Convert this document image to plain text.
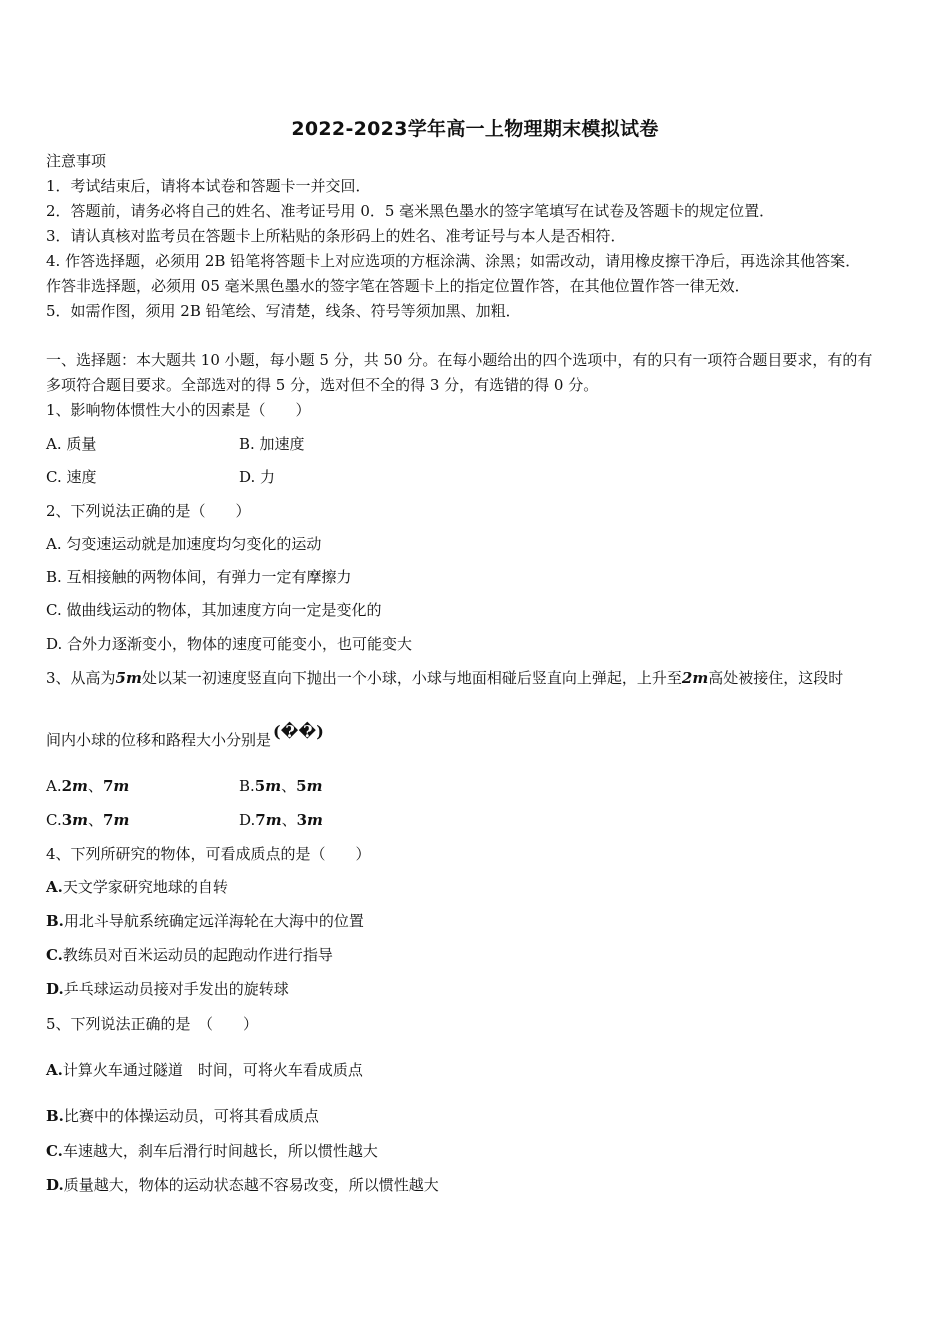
2022-2023学年高一上物理期末模拟试卷
注意事项
1．考试结束后，请将本试卷和答题卡一并交回．
2．答题前，请务必将自己的姓名、准考证号用 0．5 毫米黑色墨水的签字笔填写在试卷及答题卡的规定位置．
3．请认真核对监考员在答题卡上所粘贴的条形码上的姓名、准考证号与本人是否相符．
4. 作答选择题，必须用 2B 铅笔将答题卡上对应选项的方框涂满、涂黑；如需改动，请用橡皮擦干净后，再选涂其他答案．
作答非选择题，必须用 05 毫米黑色墨水的签字笔在答题卡上的指定位置作答，在其他位置作答一律无效．
5．如需作图，须用 2B 铅笔绘、写清楚，线条、符号等须加黑、加粗．
一、选择题：本大题共 10 小题，每小题 5 分，共 50 分。在每小题给出的四个选项中，有的只有一项符合题目要求，有的有
多项符合题目要求。全部选对的得 5 分，选对但不全的得 3 分，有选错的得 0 分。
1、影响物体惯性大小的因素是（　　）
A. 质量	B. 加速度
C. 速度	D. 力
2、下列说法正确的是（　　）
A. 匀变速运动就是加速度均匀变化的运动
B. 互相接触的两物体间，有弹力一定有摩擦力
C. 做曲线运动的物体，其加速度方向一定是变化的
D. 合外力逐渐变小，物体的速度可能变小，也可能变大
3、从高为5m处以某一初速度竖直向下抛出一个小球，小球与地面相碰后竖直向上弹起，上升至2m高处被接住，这段时
间内小球的位移和路程大小分别是 (��)
A.2m、7m	B.5m、5m
C.3m、7m	D.7m、3m
4、下列所研究的物体，可看成质点的是（　　）
A.天文学家研究地球的自转
B.用北斗导航系统确定远洋海轮在大海中的位置
C.教练员对百米运动员的起跑动作进行指导
D.乒乓球运动员接对手发出的旋转球
5、下列说法正确的是　（　　）
A.计算火车通过隧道　时间，可将火车看成质点
B.比赛中的体操运动员，可将其看成质点
C.车速越大，刹车后滑行时间越长，所以惯性越大
D.质量越大，物体的运动状态越不容易改变，所以惯性越大
